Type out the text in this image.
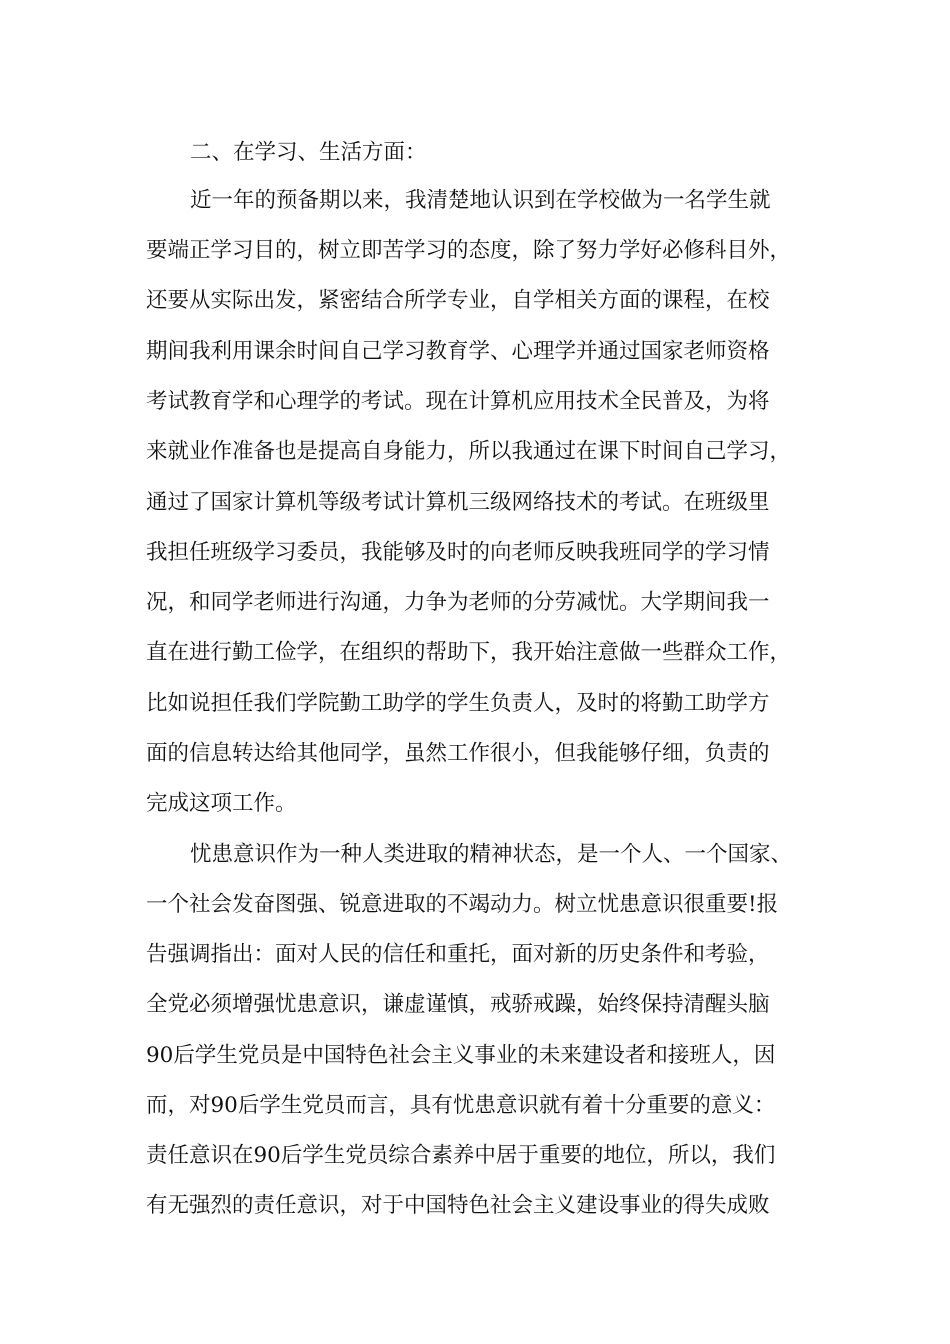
二、在学习、生活方面：
近一年的预备期以来，我清楚地认识到在学校做为一名学生就
要端正学习目的，树立即苦学习的态度，除了努力学好必修科目外，
还要从实际出发，紧密结合所学专业，自学相关方面的课程，在校
期间我利用课余时间自己学习教育学、心理学并通过国家老师资格
考试教育学和心理学的考试。现在计算机应用技术全民普及，为将
来就业作准备也是提高自身能力，所以我通过在课下时间自己学习，
通过了国家计算机等级考试计算机三级网络技术的考试。在班级里
我担任班级学习委员，我能够及时的向老师反映我班同学的学习情
况，和同学老师进行沟通，力争为老师的分劳减忧。大学期间我一
直在进行勤工俭学，在组织的帮助下，我开始注意做一些群众工作，
比如说担任我们学院勤工助学的学生负责人，及时的将勤工助学方
面的信息转达给其他同学，虽然工作很小，但我能够仔细，负责的
完成这项工作。
忧患意识作为一种人类进取的精神状态，是一个人、一个国家、
一个社会发奋图强、锐意进取的不竭动力。树立忧患意识很重要!报
告强调指出：面对人民的信任和重托，面对新的历史条件和考验，
全党必须增强忧患意识，谦虚谨慎，戒骄戒躁，始终保持清醒头脑
90后学生党员是中国特色社会主义事业的未来建设者和接班人，因
而，对90后学生党员而言，具有忧患意识就有着十分重要的意义：
责任意识在90后学生党员综合素养中居于重要的地位，所以，我们
有无强烈的责任意识，对于中国特色社会主义建设事业的得失成败
